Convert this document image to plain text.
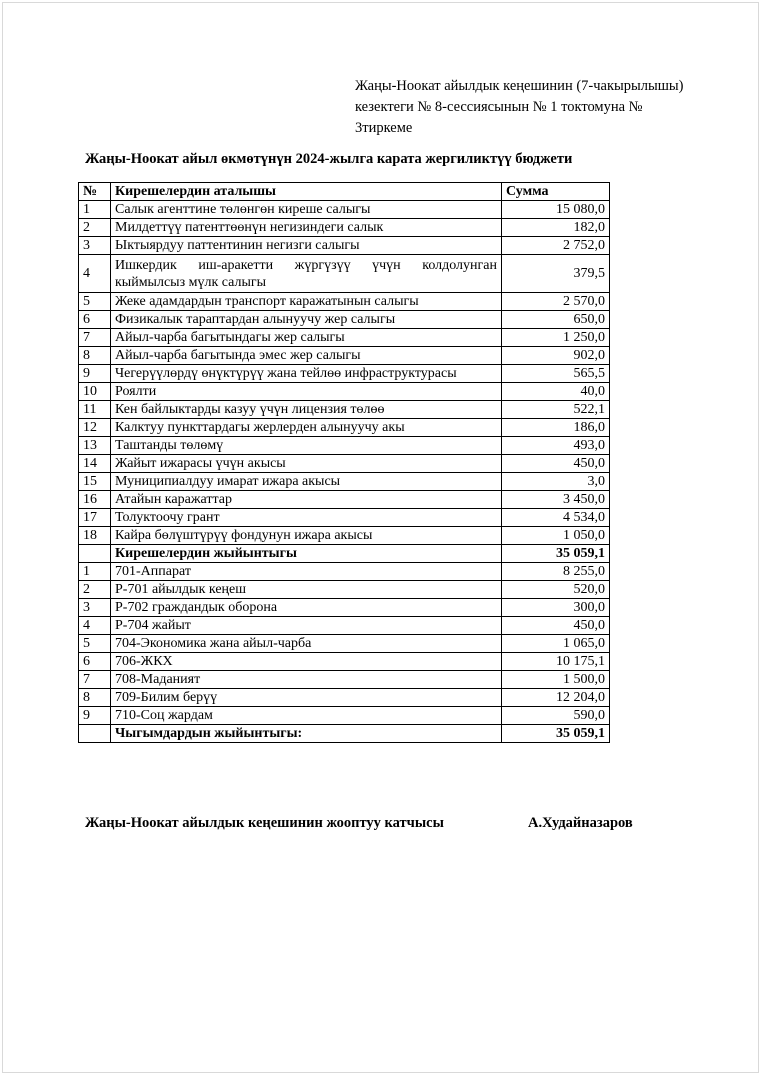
Жаңы-Ноокат айылдык кеңешинин (7-чакырылышы)
кезектеги № 8-сессиясынын № 1 токтомуна №
3тиркеме
Жаңы-Ноокат айыл өкмөтүнүн 2024-жылга карата жергиликтүү бюджети
№	Кирешелердин аталышы	Сумма
1	Салык агенттине төлөнгөн киреше салыгы	15 080,0
2	Милдеттүү патенттөөнүн негизиндеги салык	182,0
3	Ыктыярдуу паттентинин негизги салыгы	2 752,0
4	Ишкердик иш-аракетти жүргүзүү үчүн колдолунган кыймылсыз мүлк салыгы	379,5
5	Жеке адамдардын транспорт каражатынын салыгы	2 570,0
6	Физикалык тараптардан алынуучу жер салыгы	650,0
7	Айыл-чарба багытындагы жер салыгы	1 250,0
8	Айыл-чарба багытында эмес жер салыгы	902,0
9	Чегерүүлөрдү өнүктүрүү жана тейлөө инфраструктурасы	565,5
10	Роялти	40,0
11	Кен байлыктарды казуу үчүн лицензия төлөө	522,1
12	Калктуу пункттардагы жерлерден алынуучу акы	186,0
13	Таштанды төлөмү	493,0
14	Жайыт ижарасы үчүн акысы	450,0
15	Муниципиалдуу имарат ижара акысы	3,0
16	Атайын каражаттар	3 450,0
17	Толуктоочу грант	4 534,0
18	Кайра бөлүштүрүү фондунун ижара акысы	1 050,0
	Кирешелердин жыйынтыгы	35 059,1
1	701-Аппарат	8 255,0
2	Р-701 айылдык кеңеш	520,0
3	Р-702 граждандык оборона	300,0
4	Р-704 жайыт	450,0
5	704-Экономика жана айыл-чарба	1 065,0
6	706-ЖКХ	10 175,1
7	708-Маданият	1 500,0
8	709-Билим берүү	12 204,0
9	710-Соц жардам	590,0
	Чыгымдардын жыйынтыгы:	35 059,1
Жаңы-Ноокат айылдык кеңешинин жооптуу катчысы	А.Худайназаров
